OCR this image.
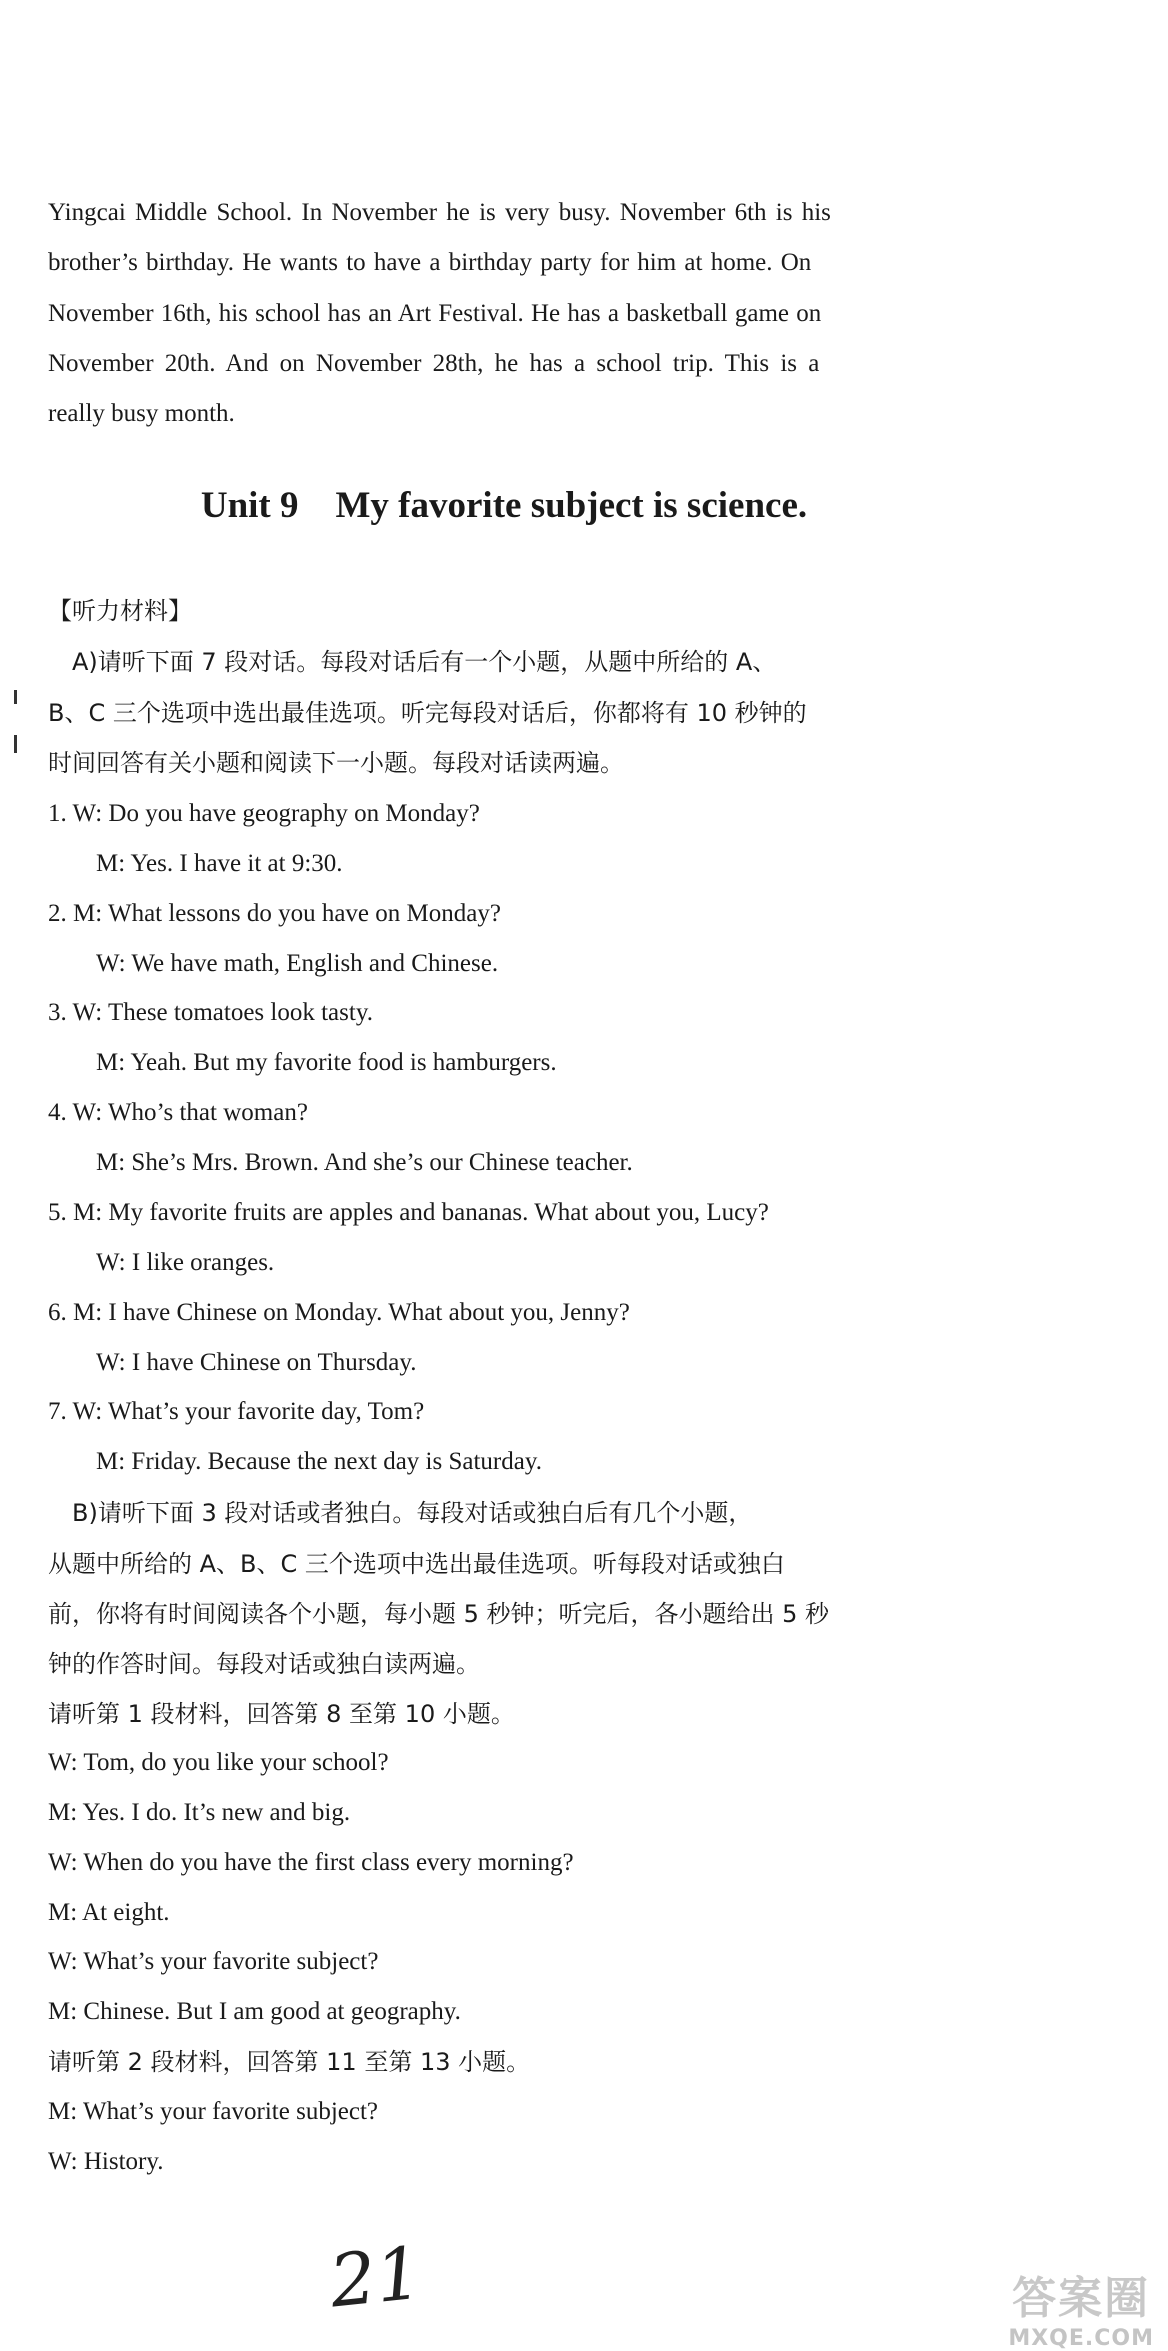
Yingcai Middle School. In November he is very busy. November 6th is his
brother’s birthday. He wants to have a birthday party for him at home. On
November 16th, his school has an Art Festival. He has a basketball game on
November 20th. And on November 28th, he has a school trip. This is a
really busy month.
Unit 9    My favorite subject is science.
【听力材料】
A)请听下面 7 段对话。每段对话后有一个小题，从题中所给的 A、
B、C 三个选项中选出最佳选项。听完每段对话后，你都将有 10 秒钟的
时间回答有关小题和阅读下一小题。每段对话读两遍。
1. W: Do you have geography on Monday?
M: Yes. I have it at 9:30.
2. M: What lessons do you have on Monday?
W: We have math, English and Chinese.
3. W: These tomatoes look tasty.
M: Yeah. But my favorite food is hamburgers.
4. W: Who’s that woman?
M: She’s Mrs. Brown. And she’s our Chinese teacher.
5. M: My favorite fruits are apples and bananas. What about you, Lucy?
W: I like oranges.
6. M: I have Chinese on Monday. What about you, Jenny?
W: I have Chinese on Thursday.
7. W: What’s your favorite day, Tom?
M: Friday. Because the next day is Saturday.
B)请听下面 3 段对话或者独白。每段对话或独白后有几个小题，
从题中所给的 A、B、C 三个选项中选出最佳选项。听每段对话或独白
前，你将有时间阅读各个小题，每小题 5 秒钟；听完后，各小题给出 5 秒
钟的作答时间。每段对话或独白读两遍。
请听第 1 段材料，回答第 8 至第 10 小题。
W: Tom, do you like your school?
M: Yes. I do. It’s new and big.
W: When do you have the first class every morning?
M: At eight.
W: What’s your favorite subject?
M: Chinese. But I am good at geography.
请听第 2 段材料，回答第 11 至第 13 小题。
M: What’s your favorite subject?
W: History.
21	答案圈
MXQE.COM
